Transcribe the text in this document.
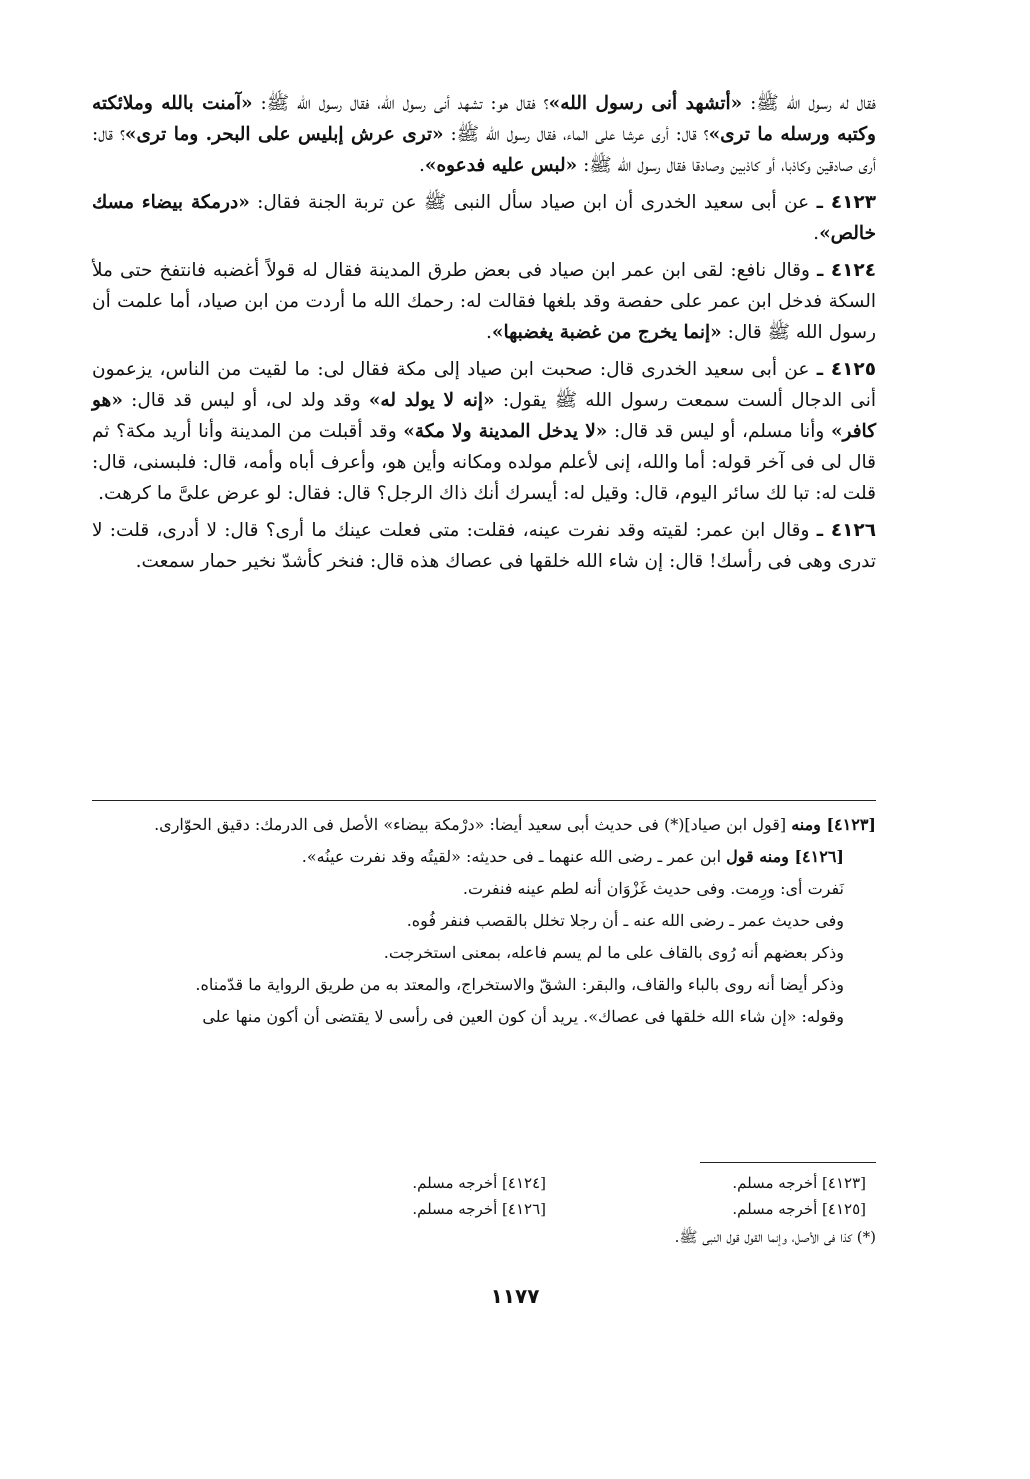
فقال له رسول الله ﷺ: «أتشهد أنى رسول الله»؟ فقال هو: تشهد أنى رسول الله، فقال رسول الله ﷺ: «آمنت بالله وملائكته وكتبه ورسله ما ترى»؟ قال: أرى عرشا على الماء، فقال رسول الله ﷺ: «ترى عرش إبليس على البحر. وما ترى»؟ قال: أرى صادقين وكاذبا، أو كاذبين وصادقا فقال رسول الله ﷺ: «لبس عليه فدعوه».

٤١٢٣ ـ عن أبى سعيد الخدرى أن ابن صياد سأل النبى ﷺ عن تربة الجنة فقال: «درمكة بيضاء مسك خالص».

٤١٢٤ ـ وقال نافع: لقى ابن عمر ابن صياد فى بعض طرق المدينة فقال له قولاً أغضبه فانتفخ حتى ملأ السكة فدخل ابن عمر على حفصة وقد بلغها فقالت له: رحمك الله ما أردت من ابن صياد، أما علمت أن رسول الله ﷺ قال: «إنما يخرج من غضبة يغضبها».

٤١٢٥ ـ عن أبى سعيد الخدرى قال: صحبت ابن صياد إلى مكة فقال لى: ما لقيت من الناس، يزعمون أنى الدجال ألست سمعت رسول الله ﷺ يقول: «إنه لا يولد له» وقد ولد لى، أو ليس قد قال: «هو كافر» وأنا مسلم، أو ليس قد قال: «لا يدخل المدينة ولا مكة» وقد أقبلت من المدينة وأنا أريد مكة؟ ثم قال لى فى آخر قوله: أما والله، إنى لأعلم مولده ومكانه وأين هو، وأعرف أباه وأمه، قال: فلبسنى، قال: قلت له: تبا لك سائر اليوم، قال: وقيل له: أيسرك أنك ذاك الرجل؟ قال: فقال: لو عرض علىَّ ما كرهت.

٤١٢٦ ـ وقال ابن عمر: لقيته وقد نفرت عينه، فقلت: متى فعلت عينك ما أرى؟ قال: لا أدرى، قلت: لا تدرى وهى فى رأسك! قال: إن شاء الله خلقها فى عصاك هذه قال: فنخر كأشدّ نخير حمار سمعت.

[٤١٢٣] ومنه [قول ابن صياد](*) فى حديث أبى سعيد أيضا: «درْمكة بيضاء» الأصل فى الدرمك: دقيق الحوّارى.

[٤١٢٦] ومنه قول ابن عمر ـ رضى الله عنهما ـ فى حديثه: «لقيتُه وقد نفرت عينُه».

نَفرت أى: ورِمت. وفى حديث غَزْوَان أنه لطم عينه فنفرت.

وفى حديث عمر ـ رضى الله عنه ـ أن رجلا تخلل بالقصب فنفر فُوه.

وذكر بعضهم أنه رُوى بالقاف على ما لم يسم فاعله، بمعنى استخرجت.

وذكر أيضا أنه روى بالباء والقاف، والبقر: الشقّ والاستخراج، والمعتد به من طريق الرواية ما قدّمناه.

وقوله: «إن شاء الله خلقها فى عصاك». يريد أن كون العين فى رأسى لا يقتضى أن أكون منها على

[٤١٢٣] أخرجه مسلم.
[٤١٢٤] أخرجه مسلم.
[٤١٢٥] أخرجه مسلم.
[٤١٢٦] أخرجه مسلم.
(*) كذا فى الأصل، وإنما القول قول النبى ﷺ.
١١٧٧
